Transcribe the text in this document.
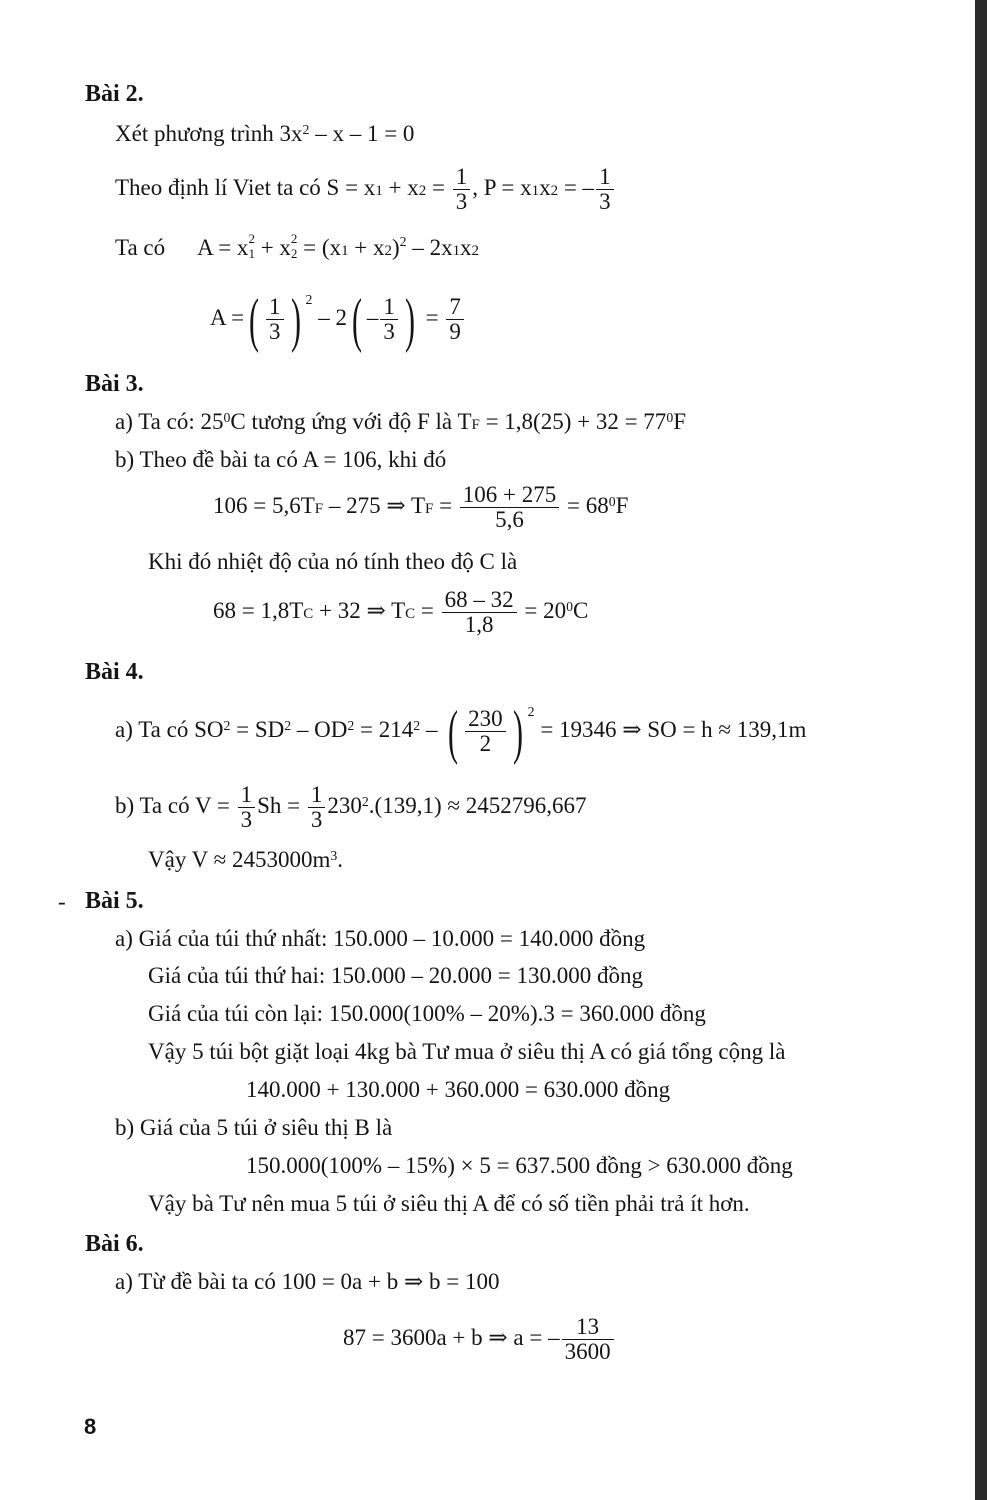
Bài 2.
Xét phương trình $3x^2 - x - 1 = 0$
Theo định lí Viet ta có $S = x_1 + x_2 = \frac{1}{3}$ , $P = x_1x_2$ = – $\frac{1}{3}$
Ta có A = x 2
1 + x 2
$2 = (x_1 + x_2)^2 - 2x_1x_2$
A =( $\frac{1}{3}$ ) $^2 - 2( - \frac{1}{3}$ ) = $\frac{7}{9}$
Bài 3.
a) Ta có: $25^0C$ tương ứng với độ F là $T_F = 1,8(25) + 32 = 77^0F$
b) Theo đề bài ta có A = 106, khi đó
$106 = 5,6T_F - 275$ ⇒ $T_F = \frac{106 + 275}{5,6} = 68^0F$
Khi đó nhiệt độ của nó tính theo độ C là
$68 = 1,8T_C + 32$ ⇒ $T_C = \frac{68 - 32}{1,8} = 20^0C$
Bài 4.
a) Ta có $SO^2 = SD^2 - OD^2 = 214^2$ – ( $\frac{230}{2}$ ) $^2$ = 19346 ⇒ SO = h ≈ 139,1m
b) Ta có $V = \frac{1}{3}$ $Sh = \frac{1}{3} 230^2.(139,1) \approx 2452796,667$
Vậy $V \approx 2453000m^3$.
- Bài 5.
a) Giá của túi thứ nhất: 150.000 – 10.000 = 140.000 đồng
Giá của túi thứ hai: 150.000 – 20.000 = 130.000 đồng
Giá của túi còn lại: 150.000(100% – 20%).3 = 360.000 đồng
Vậy 5 túi bột giặt loại 4kg bà Tư mua ở siêu thị A có giá tổng cộng là
140.000 + 130.000 + 360.000 = 630.000 đồng
b) Giá của 5 túi ở siêu thị B là
150.000(100% – 15%) × 5 = 637.500 đồng > 630.000 đồng
Vậy bà Tư nên mua 5 túi ở siêu thị A để có số tiền phải trả ít hơn.
Bài 6.
a) Từ đề bài ta có 100 = 0a + b ⇒ b = 100
87 = 3600a + b ⇒ a = – $\frac{13}{3600}$
8
